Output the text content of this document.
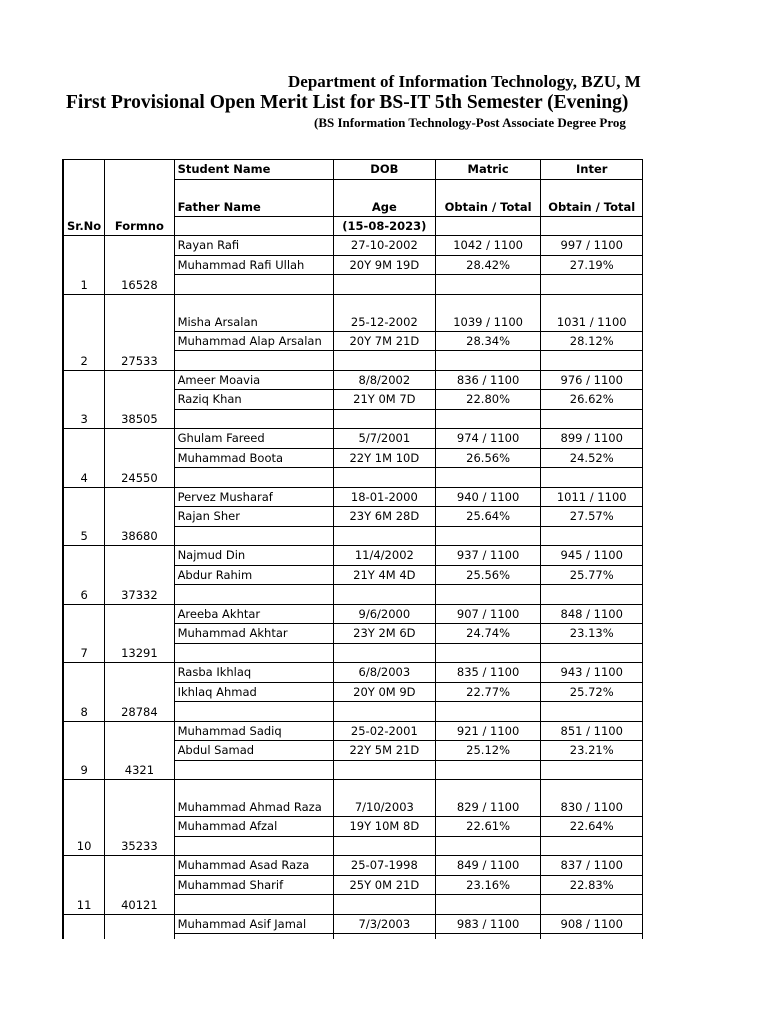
Department of Information Technology, BZU, M
First Provisional Open Merit List for BS-IT 5th Semester (Evening)
(BS Information Technology-Post Associate Degree Prog
Sr.No	Formno	Student Name	DOB	Matric	Inter
		Father Name	Age	Obtain / Total	Obtain / Total
			(15-08-2023)		
1	16528	Rayan Rafi	27-10-2002	1042 / 1100	997 / 1100
		Muhammad Rafi Ullah	20Y 9M 19D	28.42%	27.19%

2	27533	Misha Arsalan	25-12-2002	1039 / 1100	1031 / 1100
		Muhammad Alap Arsalan	20Y 7M 21D	28.34%	28.12%

3	38505	Ameer Moavia	8/8/2002	836 / 1100	976 / 1100
		Raziq Khan	21Y 0M 7D	22.80%	26.62%

4	24550	Ghulam Fareed	5/7/2001	974 / 1100	899 / 1100
		Muhammad Boota	22Y 1M 10D	26.56%	24.52%

5	38680	Pervez Musharaf	18-01-2000	940 / 1100	1011 / 1100
		Rajan Sher	23Y 6M 28D	25.64%	27.57%

6	37332	Najmud Din	11/4/2002	937 / 1100	945 / 1100
		Abdur Rahim	21Y 4M 4D	25.56%	25.77%

7	13291	Areeba Akhtar	9/6/2000	907 / 1100	848 / 1100
		Muhammad Akhtar	23Y 2M 6D	24.74%	23.13%

8	28784	Rasba Ikhlaq	6/8/2003	835 / 1100	943 / 1100
		Ikhlaq Ahmad	20Y 0M 9D	22.77%	25.72%

9	4321	Muhammad Sadiq	25-02-2001	921 / 1100	851 / 1100
		Abdul Samad	22Y 5M 21D	25.12%	23.21%

10	35233	Muhammad Ahmad Raza	7/10/2003	829 / 1100	830 / 1100
		Muhammad Afzal	19Y 10M 8D	22.61%	22.64%

11	40121	Muhammad Asad Raza	25-07-1998	849 / 1100	837 / 1100
		Muhammad Sharif	25Y 0M 21D	23.16%	22.83%

		Muhammad Asif Jamal	7/3/2003	983 / 1100	908 / 1100
